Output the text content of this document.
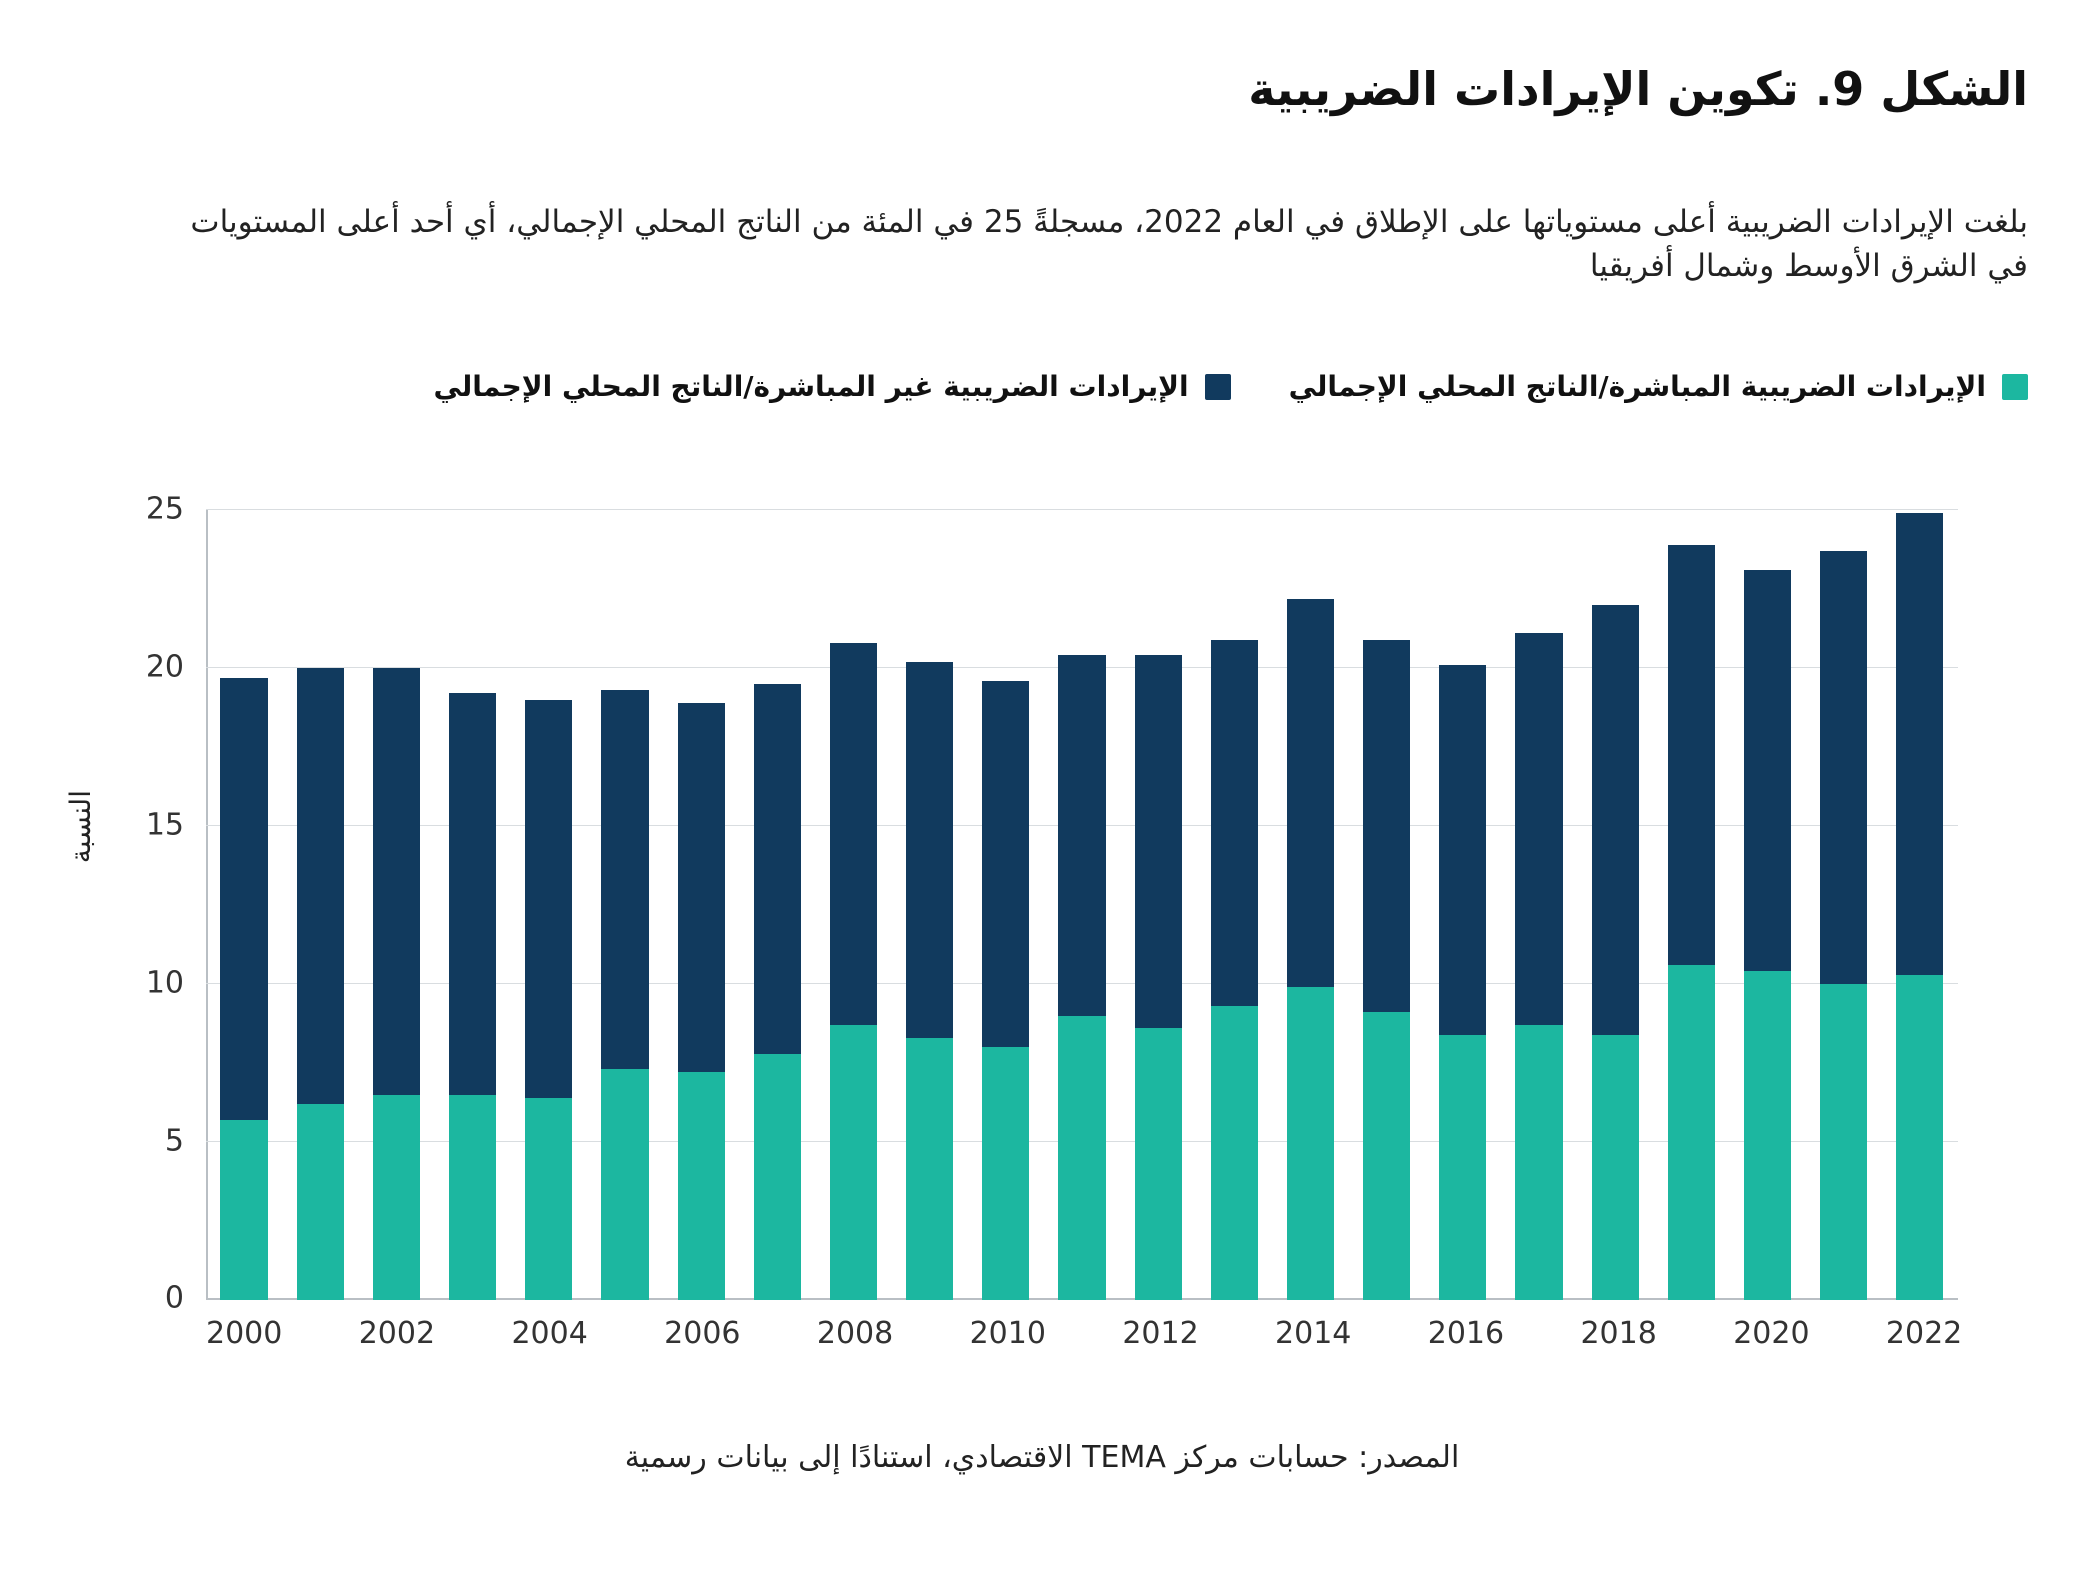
الشكل 9. تكوين الإيرادات الضريبية
بلغت الإيرادات الضريبية أعلى مستوياتها على الإطلاق في العام 2022، مسجلةً 25 في المئة من الناتج المحلي الإجمالي، أي أحد أعلى المستويات في الشرق الأوسط وشمال أفريقيا
الإيرادات الضريبية المباشرة/الناتج المحلي الإجمالي
الإيرادات الضريبية غير المباشرة/الناتج المحلي الإجمالي
النسبة
0
5
10
15
20
25
2000	2002	2004	2006	2008	2010	2012	2014	2016	2018	2020	2022
المصدر: حسابات مركز TEMA الاقتصادي، استنادًا إلى بيانات رسمية
